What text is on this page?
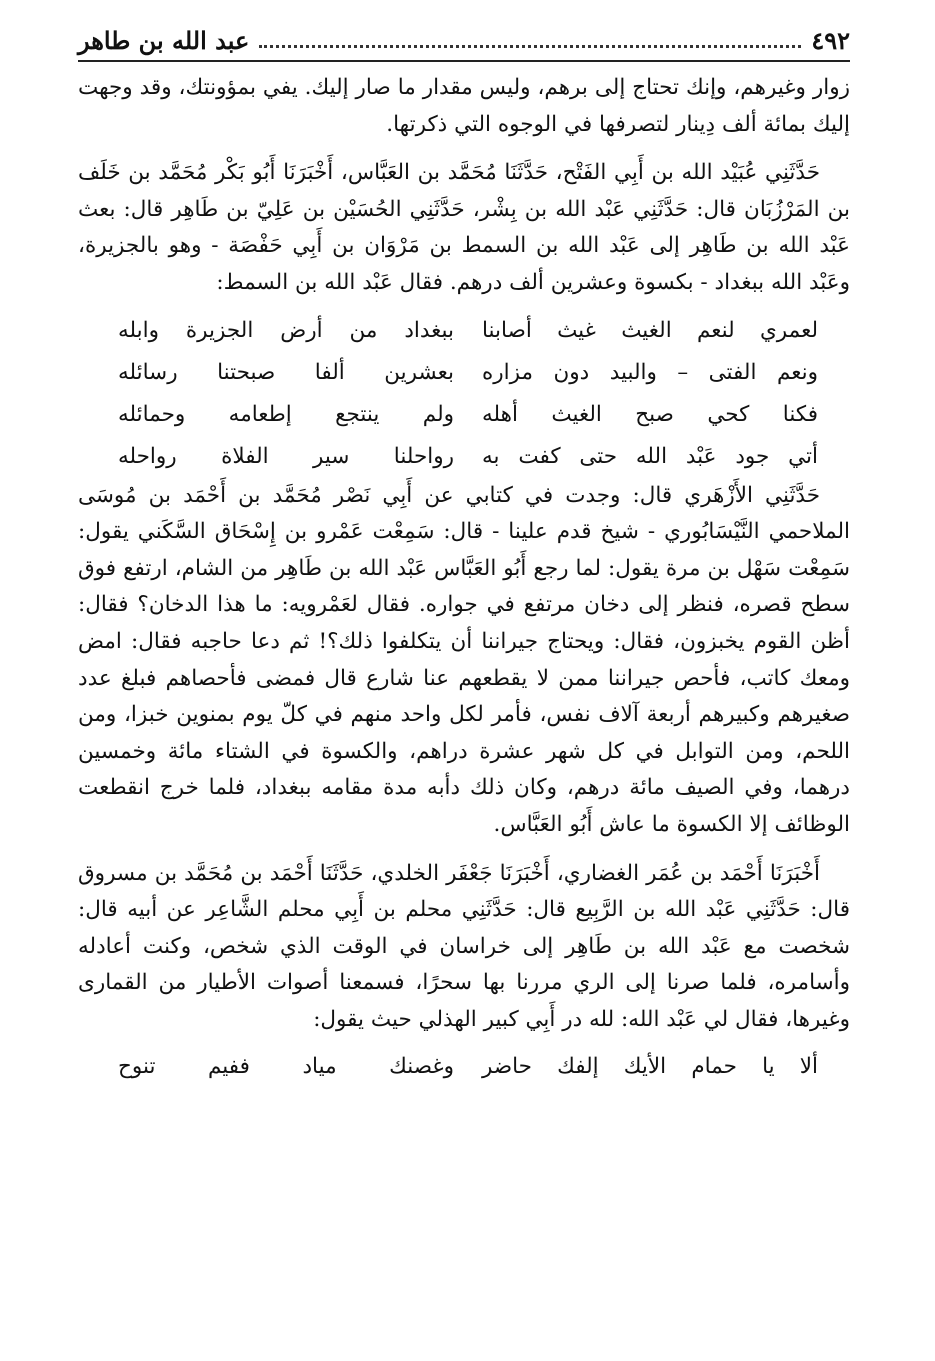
٤٩٢
عبد الله بن طاهر

زوار وغيرهم، وإنك تحتاج إلى برهم، وليس مقدار ما صار إليك. يفي بمؤونتك، وقد وجهت إليك بمائة ألف دِينار لتصرفها في الوجوه التي ذكرتها.

حَدَّثَنِي عُبَيْد الله بن أَبِي الفَتْح، حَدَّثَنَا مُحَمَّد بن العَبَّاس، أَخْبَرَنَا أَبُو بَكْر مُحَمَّد بن خَلَف بن المَرْزُبَان قال: حَدَّثَنِي عَبْد الله بن بِشْر، حَدَّثَنِي الحُسَيْن بن عَلِيّ بن طَاهِر قال: بعث عَبْد الله بن طَاهِر إلى عَبْد الله بن السمط بن مَرْوَان بن أَبِي حَفْصَة - وهو بالجزيرة، وعَبْد الله ببغداد - بكسوة وعشرين ألف درهم. فقال عَبْد الله بن السمط:

لعمري لنعم الغيث غيث أصابنا
ببغداد من أرض الجزيرة وابله
ونعم الفتى – والبيد دون مزاره
بعشرين ألفا صبحتنا رسائله
فكنا كحي صبح الغيث أهله
ولم ينتجع إطعامه وحمائله
أتي جود عَبْد الله حتى كفت به
رواحلنا سير الفلاة رواحله

حَدَّثَنِي الأَزْهَري قال: وجدت في كتابي عن أَبِي نَصْر مُحَمَّد بن أَحْمَد بن مُوسَى الملاحمي النَّيْسَابُوري - شيخ قدم علينا - قال: سَمِعْت عَمْرو بن إِسْحَاق السَّكَني يقول: سَمِعْت سَهْل بن مرة يقول: لما رجع أَبُو العَبَّاس عَبْد الله بن طَاهِر من الشام، ارتفع فوق سطح قصره، فنظر إلى دخان مرتفع في جواره. فقال لعَمْرويه: ما هذا الدخان؟ فقال: أظن القوم يخبزون، فقال: ويحتاج جيراننا أن يتكلفوا ذلك؟! ثم دعا حاجبه فقال: امض ومعك كاتب، فأحص جيراننا ممن لا يقطعهم عنا شارع قال فمضى فأحصاهم فبلغ عدد صغيرهم وكبيرهم أربعة آلاف نفس، فأمر لكل واحد منهم في كلّ يوم بمنوين خبزا، ومن اللحم، ومن التوابل في كل شهر عشرة دراهم، والكسوة في الشتاء مائة وخمسين درهما، وفي الصيف مائة درهم، وكان ذلك دأبه مدة مقامه ببغداد، فلما خرج انقطعت الوظائف إلا الكسوة ما عاش أَبُو العَبَّاس.

أَخْبَرَنَا أَحْمَد بن عُمَر الغضاري، أَخْبَرَنَا جَعْفَر الخلدي، حَدَّثَنَا أَحْمَد بن مُحَمَّد بن مسروق قال: حَدَّثَنِي عَبْد الله بن الرَّبِيع قال: حَدَّثَنِي محلم بن أَبِي محلم الشَّاعِر عن أبيه قال: شخصت مع عَبْد الله بن طَاهِر إلى خراسان في الوقت الذي شخص، وكنت أعادله وأسامره، فلما صرنا إلى الري مررنا بها سحرًا، فسمعنا أصوات الأطيار من القمارى وغيرها، فقال لي عَبْد الله: لله در أَبِي كبير الهذلي حيث يقول:

ألا يا حمام الأيك إلفك حاضر
وغصنك مياد ففيم تنوح
